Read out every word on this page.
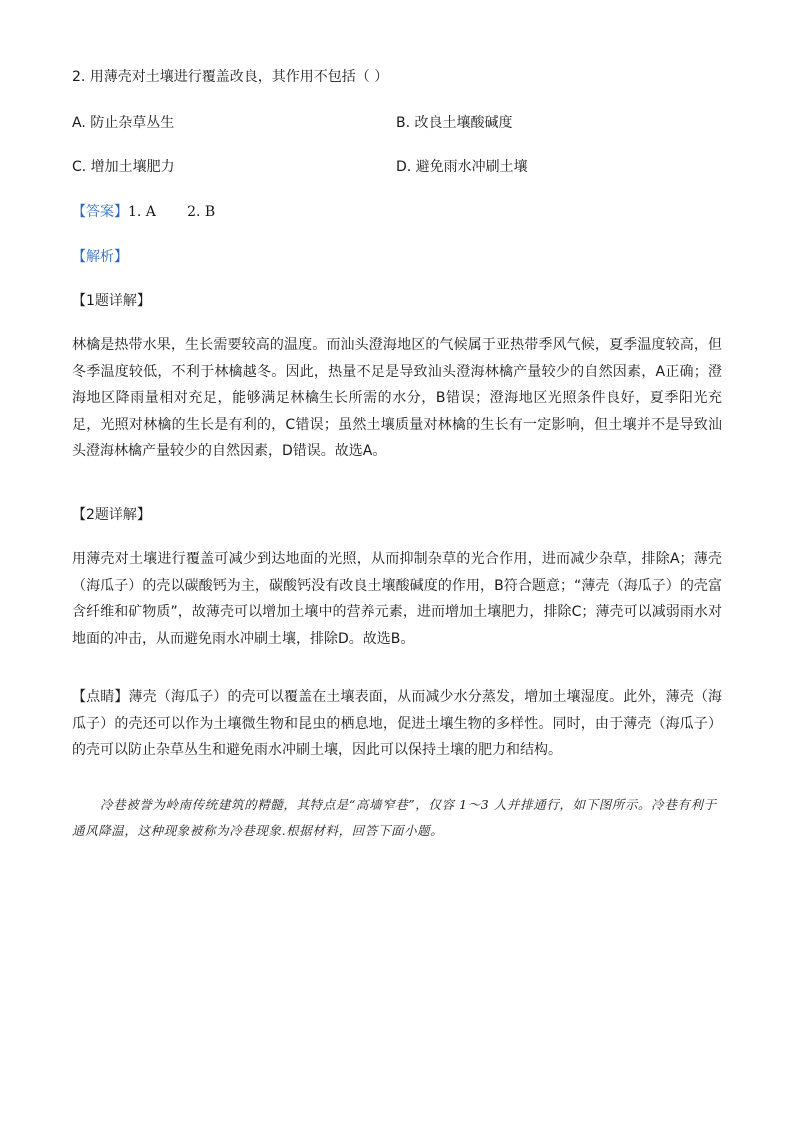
2. 用薄壳对土壤进行覆盖改良，其作用不包括（ ）
A. 防止杂草丛生	B. 改良土壤酸碱度
C. 增加土壤肥力	D. 避免雨水冲刷土壤
【答案】1. A       2. B
【解析】
【1题详解】
林檎是热带水果，生长需要较高的温度。而汕头澄海地区的气候属于亚热带季风气候，夏季温度较高，但冬季温度较低，不利于林檎越冬。因此，热量不足是导致汕头澄海林檎产量较少的自然因素，A正确；澄海地区降雨量相对充足，能够满足林檎生长所需的水分，B错误；澄海地区光照条件良好，夏季阳光充足，光照对林檎的生长是有利的，C错误；虽然土壤质量对林檎的生长有一定影响，但土壤并不是导致汕头澄海林檎产量较少的自然因素，D错误。故选A。
【2题详解】
用薄壳对土壤进行覆盖可减少到达地面的光照，从而抑制杂草的光合作用，进而减少杂草，排除A；薄壳（海瓜子）的壳以碳酸钙为主，碳酸钙没有改良土壤酸碱度的作用，B符合题意；“薄壳（海瓜子）的壳富含纤维和矿物质”，故薄壳可以增加土壤中的营养元素，进而增加土壤肥力，排除C；薄壳可以减弱雨水对地面的冲击，从而避免雨水冲刷土壤，排除D。故选B。
【点睛】薄壳（海瓜子）的壳可以覆盖在土壤表面，从而减少水分蒸发，增加土壤湿度。此外，薄壳（海瓜子）的壳还可以作为土壤微生物和昆虫的栖息地，促进土壤生物的多样性。同时，由于薄壳（海瓜子）的壳可以防止杂草丛生和避免雨水冲刷土壤，因此可以保持土壤的肥力和结构。
冷巷被誉为岭南传统建筑的精髓，其特点是“高墙窄巷”，仅容 1～3 人并排通行，如下图所示。冷巷有利于通风降温，这种现象被称为冷巷现象.根据材料，回答下面小题。
